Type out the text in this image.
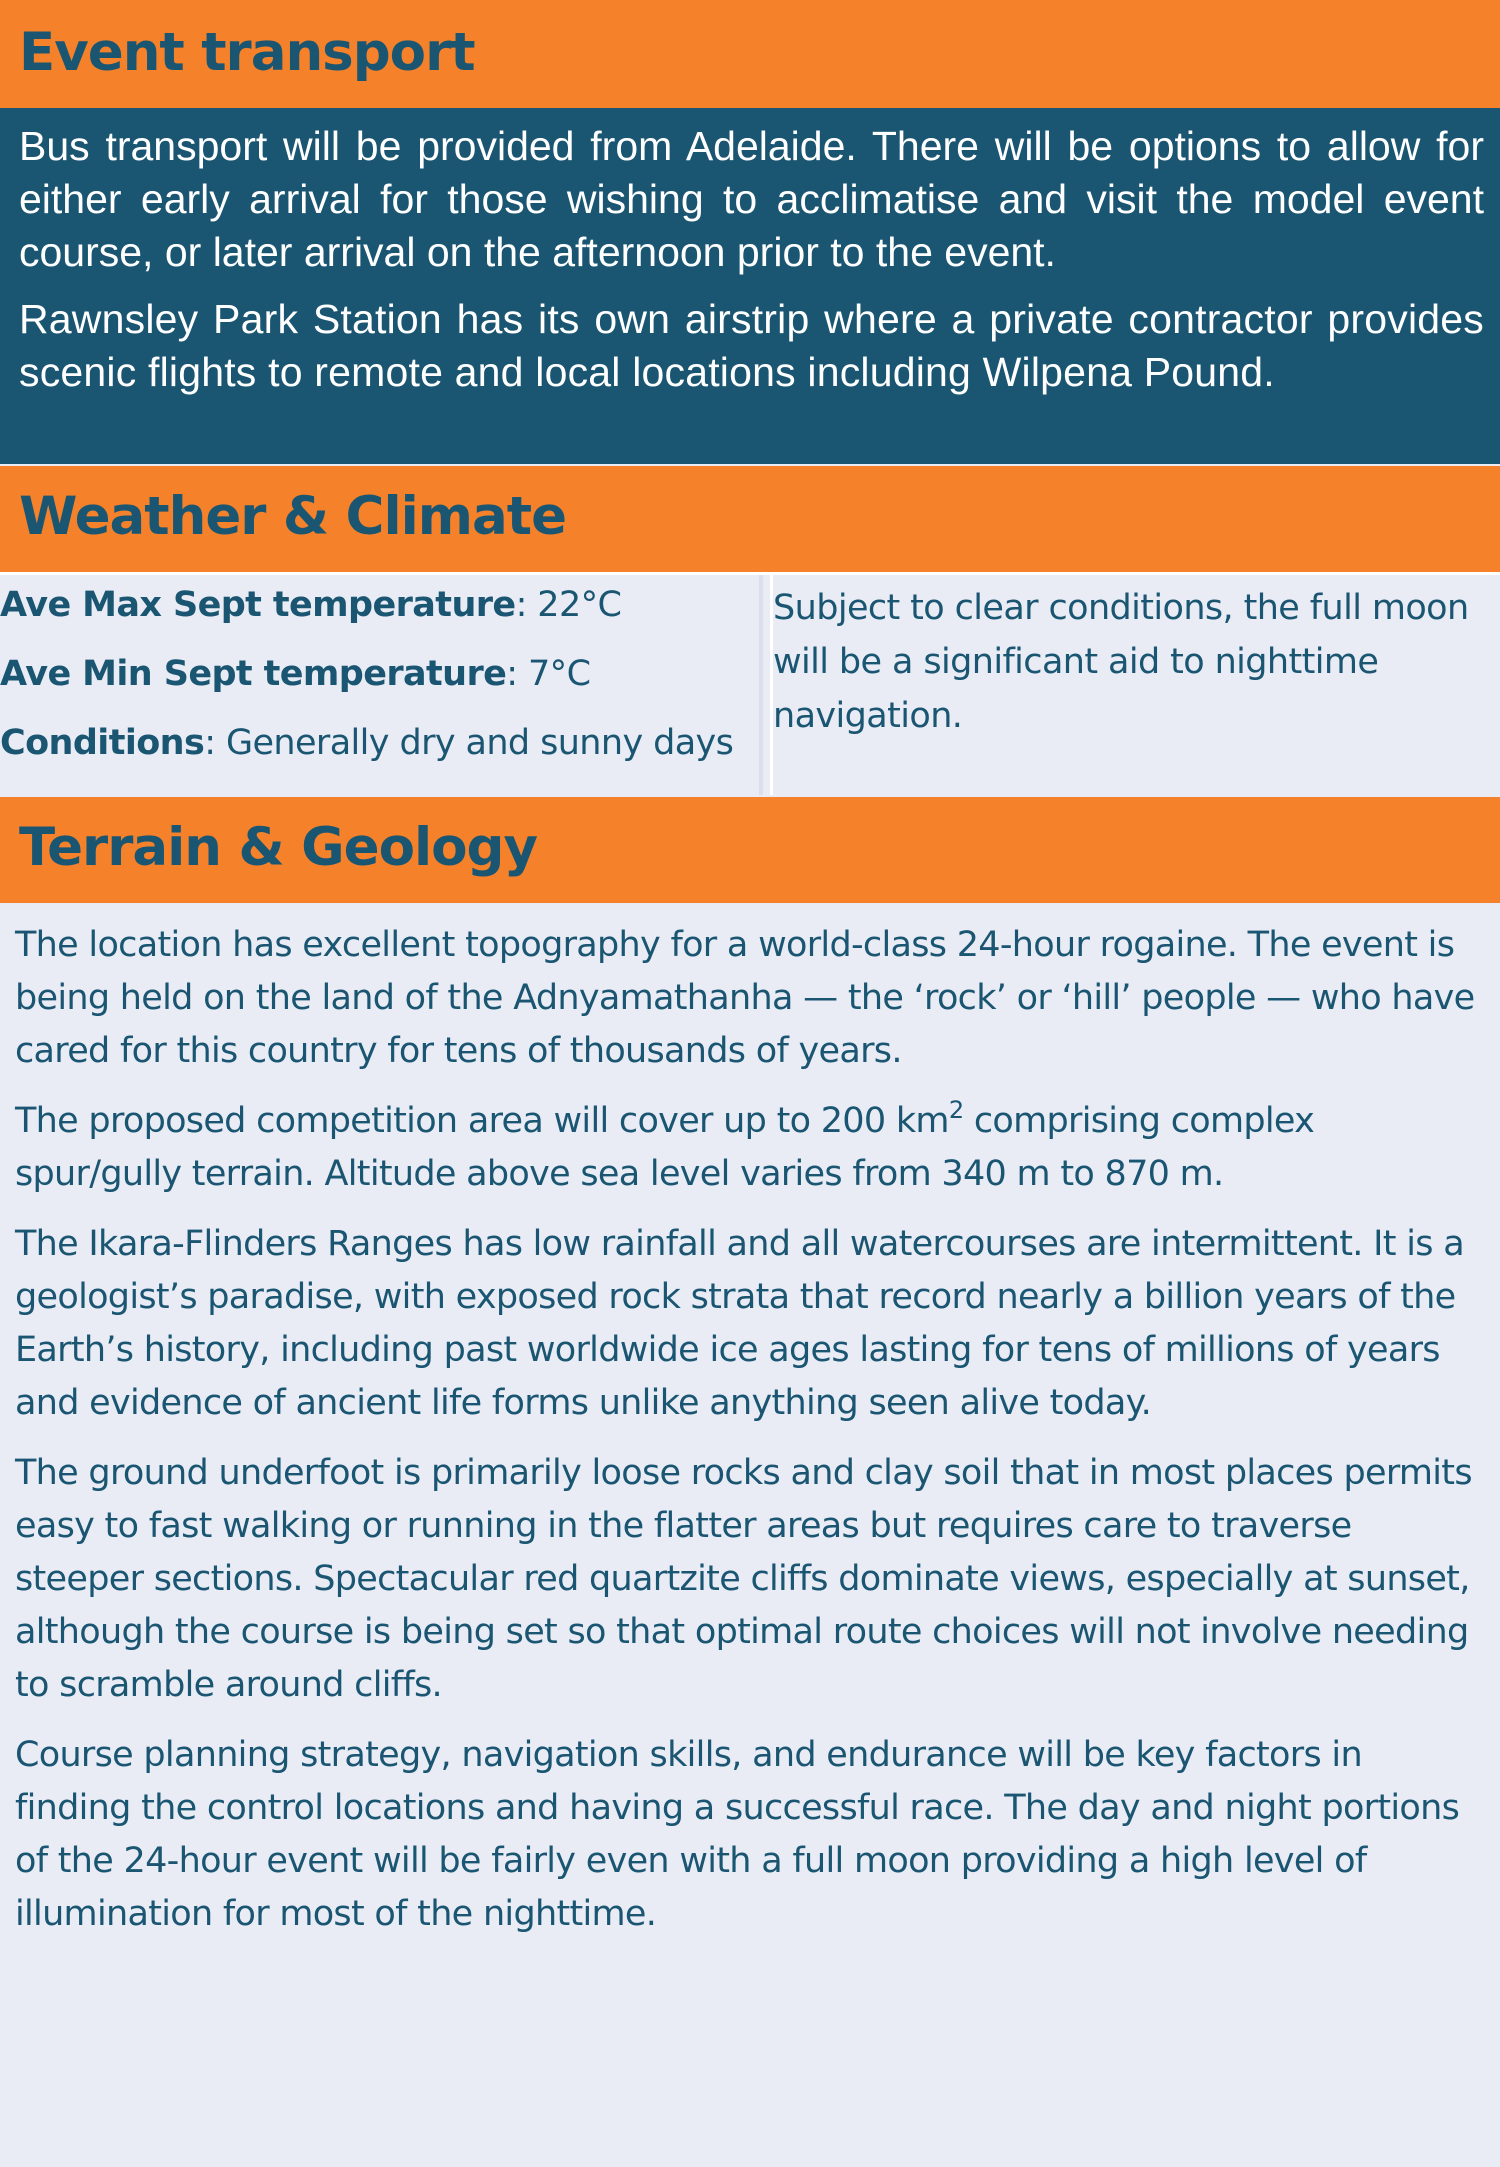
Event transport

Bus transport will be provided from Adelaide. There will be options to allow for either early arrival for those wishing to acclimatise and visit the model event course, or later arrival on the afternoon prior to the event.

Rawnsley Park Station has its own airstrip where a private contractor provides scenic flights to remote and local locations including Wilpena Pound.

Weather & Climate
Ave Max Sept temperature: 22°C
Ave Min Sept temperature: 7°C
Conditions: Generally dry and sunny days

Subject to clear conditions, the full moon will be a significant aid to nighttime navigation.

Terrain & Geology

The location has excellent topography for a world-class 24-hour rogaine. The event is being held on the land of the Adnyamathanha — the ‘rock’ or ‘hill’ people — who have cared for this country for tens of thousands of years.

The proposed competition area will cover up to 200 $km^2$ comprising complex spur/gully terrain. Altitude above sea level varies from 340 m to 870 m.

The Ikara-Flinders Ranges has low rainfall and all watercourses are intermittent. It is a geologist’s paradise, with exposed rock strata that record nearly a billion years of the Earth’s history, including past worldwide ice ages lasting for tens of millions of years and evidence of ancient life forms unlike anything seen alive today.

The ground underfoot is primarily loose rocks and clay soil that in most places permits easy to fast walking or running in the flatter areas but requires care to traverse steeper sections. Spectacular red quartzite cliffs dominate views, especially at sunset, although the course is being set so that optimal route choices will not involve needing to scramble around cliffs.

Course planning strategy, navigation skills, and endurance will be key factors in finding the control locations and having a successful race. The day and night portions of the 24-hour event will be fairly even with a full moon providing a high level of illumination for most of the nighttime.
